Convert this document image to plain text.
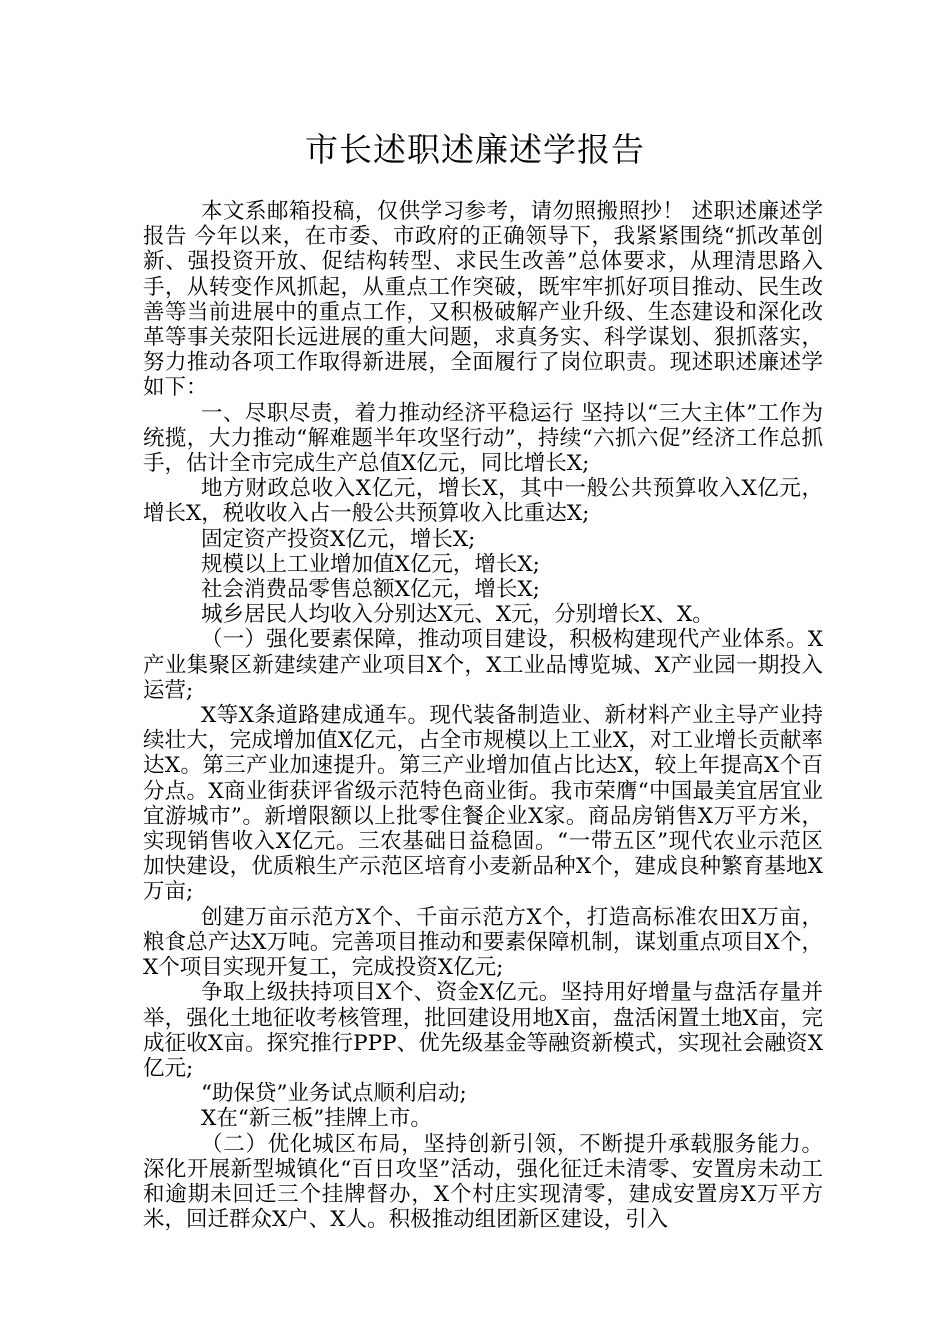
市长述职述廉述学报告

本文系邮箱投稿，仅供学习参考，请勿照搬照抄！ 述职述廉述学报告 今年以来，在市委、市政府的正确领导下，我紧紧围绕“抓改革创新、强投资开放、促结构转型、求民生改善”总体要求，从理清思路入手，从转变作风抓起，从重点工作突破，既牢牢抓好项目推动、民生改善等当前进展中的重点工作，又积极破解产业升级、生态建设和深化改革等事关荥阳长远进展的重大问题，求真务实、科学谋划、狠抓落实，努力推动各项工作取得新进展，全面履行了岗位职责。现述职述廉述学如下：

一、尽职尽责，着力推动经济平稳运行 坚持以“三大主体”工作为统揽，大力推动“解难题半年攻坚行动”，持续“六抓六促”经济工作总抓手，估计全市完成生产总值X亿元，同比增长X;

地方财政总收入X亿元，增长X，其中一般公共预算收入X亿元，增长X，税收收入占一般公共预算收入比重达X;

固定资产投资X亿元，增长X;

规模以上工业增加值X亿元，增长X;

社会消费品零售总额X亿元，增长X;

城乡居民人均收入分别达X元、X元，分别增长X、X。

（一）强化要素保障，推动项目建设，积极构建现代产业体系。X产业集聚区新建续建产业项目X个，X工业品博览城、X产业园一期投入运营;

X等X条道路建成通车。现代装备制造业、新材料产业主导产业持续壮大，完成增加值X亿元，占全市规模以上工业X，对工业增长贡献率达X。第三产业加速提升。第三产业增加值占比达X，较上年提高X个百分点。X商业街获评省级示范特色商业街。我市荣膺“中国最美宜居宜业宜游城市”。新增限额以上批零住餐企业X家。商品房销售X万平方米，实现销售收入X亿元。三农基础日益稳固。“一带五区”现代农业示范区加快建设，优质粮生产示范区培育小麦新品种X个，建成良种繁育基地X万亩;

创建万亩示范方X个、千亩示范方X个，打造高标准农田X万亩，粮食总产达X万吨。完善项目推动和要素保障机制，谋划重点项目X个，X个项目实现开复工，完成投资X亿元;

争取上级扶持项目X个、资金X亿元。坚持用好增量与盘活存量并举，强化土地征收考核管理，批回建设用地X亩，盘活闲置土地X亩，完成征收X亩。探究推行PPP、优先级基金等融资新模式，实现社会融资X亿元;

“助保贷”业务试点顺利启动;

X在“新三板”挂牌上市。

（二）优化城区布局，坚持创新引领，不断提升承载服务能力。深化开展新型城镇化“百日攻坚”活动，强化征迁未清零、安置房未动工和逾期未回迁三个挂牌督办，X个村庄实现清零，建成安置房X万平方米，回迁群众X户、X人。积极推动组团新区建设，引入
